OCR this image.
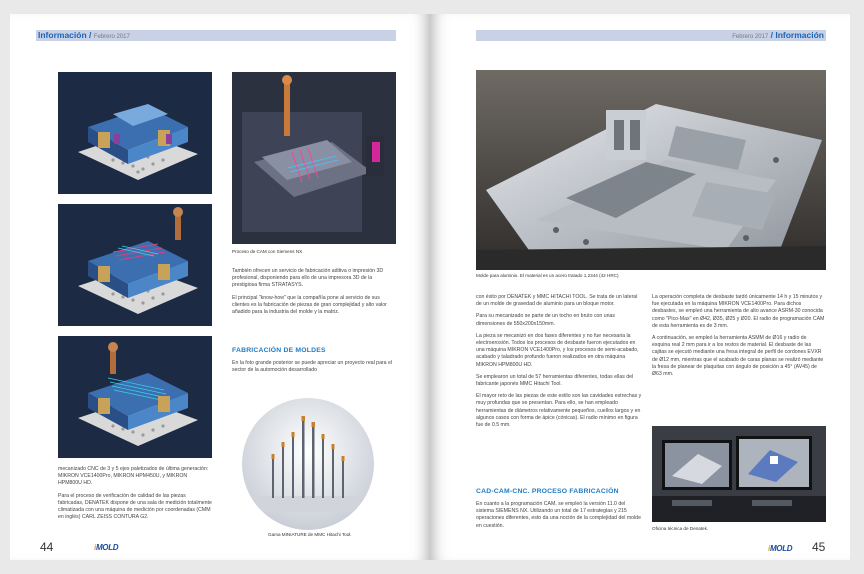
Información / Febrero 2017
Proceso de CAM con Siemens NX

mecanizado CNC de 3 y 5 ejes paletizados de última generación: MIKRON VCE1400Pro, MIKRON HPM450U, y MIKRON HPM800U HD.

Para el proceso de verificación de calidad de las piezas fabricadas, DENATEK dispone de una sala de medición totalmente climatizada con una máquina de medición por coordenadas (CMM en inglés) CARL ZEISS CONTURA G2.

También ofrecen un servicio de fabricación aditiva o impresión 3D profesional, disponiendo para ello de una impresora 3D de la prestigiosa firma STRATASYS.

El principal "know-how" que la compañía pone al servicio de sus clientes es la fabricación de piezas de gran complejidad y alto valor añadido para la industria del molde y la matriz.

FABRICACIÓN DE MOLDES

En la foto grande posterior se puede apreciar un proyecto real para el sector de la automoción desarrollado

Gama MINIATURE de MMC Hitachi Tool.
44	iMOLD
Febrero 2017 / Información
Molde para aluminio. El material es un acero tratado 1.2344 (42 HRC)

con éxito por DENATEK y MMC HITACHI TOOL. Se trata de un lateral de un molde de gravedad de aluminio para un bloque motor.

Para su mecanizado se parte de un tocho en bruto con unas dimensiones de 550x200x150mm.

La pieza se mecanizó en dos fases diferentes y no fue necesaria la electroerosión. Todos los procesos de desbaste fueron ejecutados en una máquina MIKRON VCE1400Pro, y los procesos de semi-acabado, acabado y taladrado profundo fueron realizados en otra máquina MIKRON HPM800U HD.

Se emplearon un total de 57 herramientas diferentes, todas ellas del fabricante japonés MMC Hitachi Tool.

El mayor reto de las piezas de este estilo son las cavidades estrechas y muy profundas que se presentan. Para ello, se han empleado herramientas de diámetros relativamente pequeños, cuellos largos y en algunos casos con forma de ápice (cónicas). El radio mínimo en figura fue de 0.5 mm.

CAD-CAM-CNC. PROCESO FABRICACIÓN

En cuanto a la programación CAM, se empleó la versión 11.0 del sistema SIEMENS NX. Utilizando un total de 17 estrategias y 215 operaciones diferentes, esto da una noción de la complejidad del molde en cuestión.

La operación completa de desbaste tardó únicamente 14 h y 15 minutos y fue ejecutada en la máquina MIKRON VCE1400Pro. Para dichos desbastes, se empleó una herramienta de alto avance ASRM-30 conocida como "Pico-Max" en Ø42, Ø35, Ø25 y Ø20. El radio de programación CAM de esta herramienta es de 3 mm.

A continuación, se empleó la herramienta ASMM de Ø16 y radio de esquina real 2 mm para ir a los restos de material. El desbaste de las cajitas se ejecutó mediante una fresa integral de perfil de cordones EVXR de Ø12 mm, mientras que el acabado de caras planas se realizó mediante la fresa de planear de plaquitas con ángulo de posición a 45° (AV45) de Ø63 mm.

Oficina técnica de Denatek.
iMOLD 45
